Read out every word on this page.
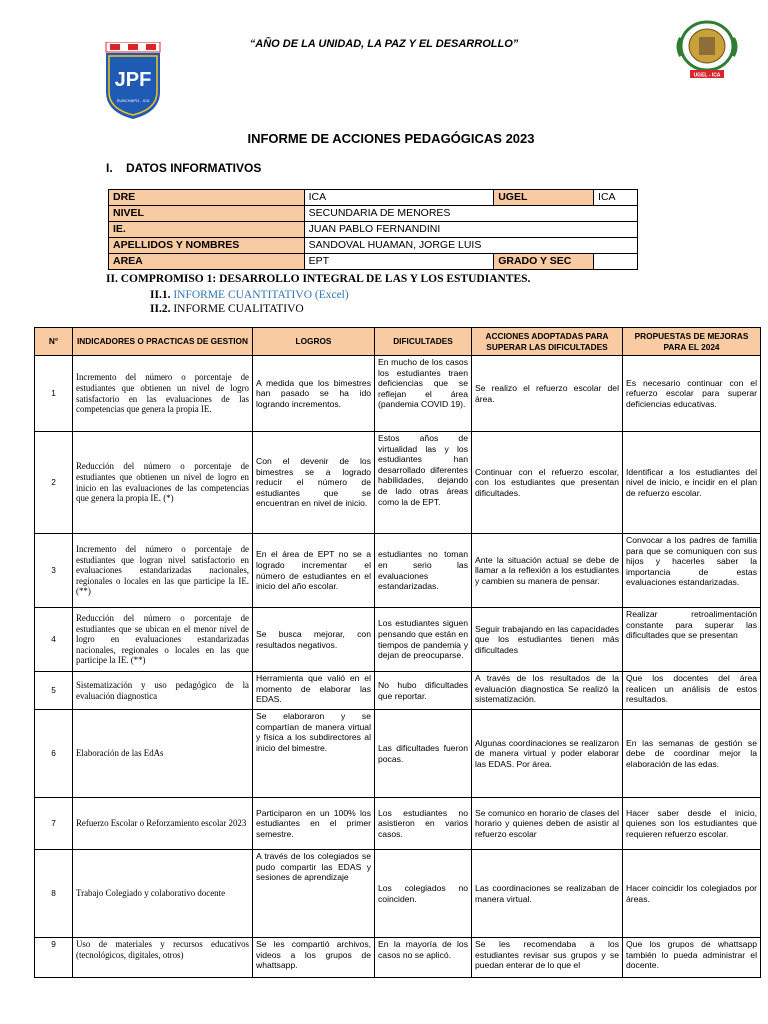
“AÑO DE LA UNIDAD, LA PAZ Y EL DESARROLLO”
JPF
SUBCHAPO - ICA
UGEL - ICA
INFORME DE ACCIONES PEDAGÓGICAS 2023
I. DATOS INFORMATIVOS
DRE	ICA	UGEL	ICA
NIVEL	SECUNDARIA DE MENORES		
IE.	JUAN PABLO FERNANDINI		
APELLIDOS Y NOMBRES	SANDOVAL HUAMAN, JORGE LUIS		
AREA	EPT	GRADO Y SEC	
II. COMPROMISO 1: DESARROLLO INTEGRAL DE LAS Y LOS ESTUDIANTES.
II.1. INFORME CUANTITATIVO (Excel)
II.2. INFORME CUALITATIVO
N°	INDICADORES O PRACTICAS DE GESTION	LOGROS	DIFICULTADES	ACCIONES ADOPTADAS PARA SUPERAR LAS DIFICULTADES	PROPUESTAS DE MEJORAS PARA EL 2024
1	Incremento del número o porcentaje de estudiantes que obtienen un nivel de logro satisfactorio en las evaluaciones de las competencias que genera la propia IE.	A medida que los bimestres han pasado se ha ido logrando incrementos.	En mucho de los casos los estudiantes traen deficiencias que se reflejan el área (pandemia COVID 19).	Se realizo el refuerzo escolar del área.	Es necesario continuar con el refuerzo escolar para superar deficiencias educativas.
2	Reducción del número o porcentaje de estudiantes que obtienen un nivel de logro en inicio en las evaluaciones de las competencias que genera la propia IE. (*)	Con el devenir de los bimestres se a logrado reducir el número de estudiantes que se encuentran en nivel de inicio.	Estos años de virtualidad las y los estudiantes han desarrollado diferentes habilidades, dejando de lado otras áreas como la de EPT.	Continuar con el refuerzo escolar, con los estudiantes que presentan dificultades.	Identificar a los estudiantes del nivel de inicio, e incidir en el plan de refuerzo escolar.
3	Incremento del número o porcentaje de estudiantes que logran nivel satisfactorio en evaluaciones estandarizadas nacionales, regionales o locales en las que participe la IE. (**)	En el área de EPT no se a logrado incrementar el número de estudiantes en el inicio del año escolar.	estudiantes no toman en serio las evaluaciones estandarizadas.	Ante la situación actual se debe de llamar a la reflexión a los estudiantes y cambien su manera de pensar.	Convocar a los padres de familia para que se comuniquen con sus hijos y hacerles saber la importancia de estas evaluaciones estandarizadas.
4	Reducción del número o porcentaje de estudiantes que se ubican en el menor nivel de logro en evaluaciones estandarizadas nacionales, regionales o locales en las que participe la IE. (**)	Se busca mejorar, con resultados negativos.	Los estudiantes siguen pensando que están en tiempos de pandemia y dejan de preocuparse.	Seguir trabajando en las capacidades que los estudiantes tienen más dificultades	Realizar retroalimentación constante para superar las dificultades que se presentan
5	Sistematización y uso pedagógico de la evaluación diagnostica	Herramienta que valió en el momento de elaborar las EDAS.	No hubo dificultades que reportar.	A través de los resultados de la evaluación diagnostica Se realizó la sistematización.	Que los docentes del área realicen un análisis de estos resultados.
6	Elaboración de las EdAs	Se elaboraron y se compartían de manera virtual y física a los subdirectores al inicio del bimestre.	Las dificultades fueron pocas.	Algunas coordinaciones se realizaron de manera virtual y poder elaborar las EDAS. Por área.	En las semanas de gestión se debe de coordinar mejor la elaboración de las edas.
7	Refuerzo Escolar o Reforzamiento escolar 2023	Participaron en un 100% los estudiantes en el primer semestre.	Los estudiantes no asistieron en varios casos.	Se comunico en horario de clases del horario y quienes deben de asistir al refuerzo escolar	Hacer saber desde el inicio, quienes son los estudiantes que requieren refuerzo escolar.
8	Trabajo Colegiado y colaborativo docente	A través de los colegiados se pudo compartir las EDAS y sesiones de aprendizaje	Los colegiados no coinciden.	Las coordinaciones se realizaban de manera virtual.	Hacer coincidir los colegiados por áreas.
9	Uso de materiales y recursos educativos (tecnológicos, digitales, otros)	Se les compartió archivos, videos a los grupos de whattsapp.	En la mayoría de los casos no se aplicó.	Se les recomendaba a los estudiantes revisar sus grupos y se puedan enterar de lo que el	Que los grupos de whattsapp también lo pueda administrar el docente.
